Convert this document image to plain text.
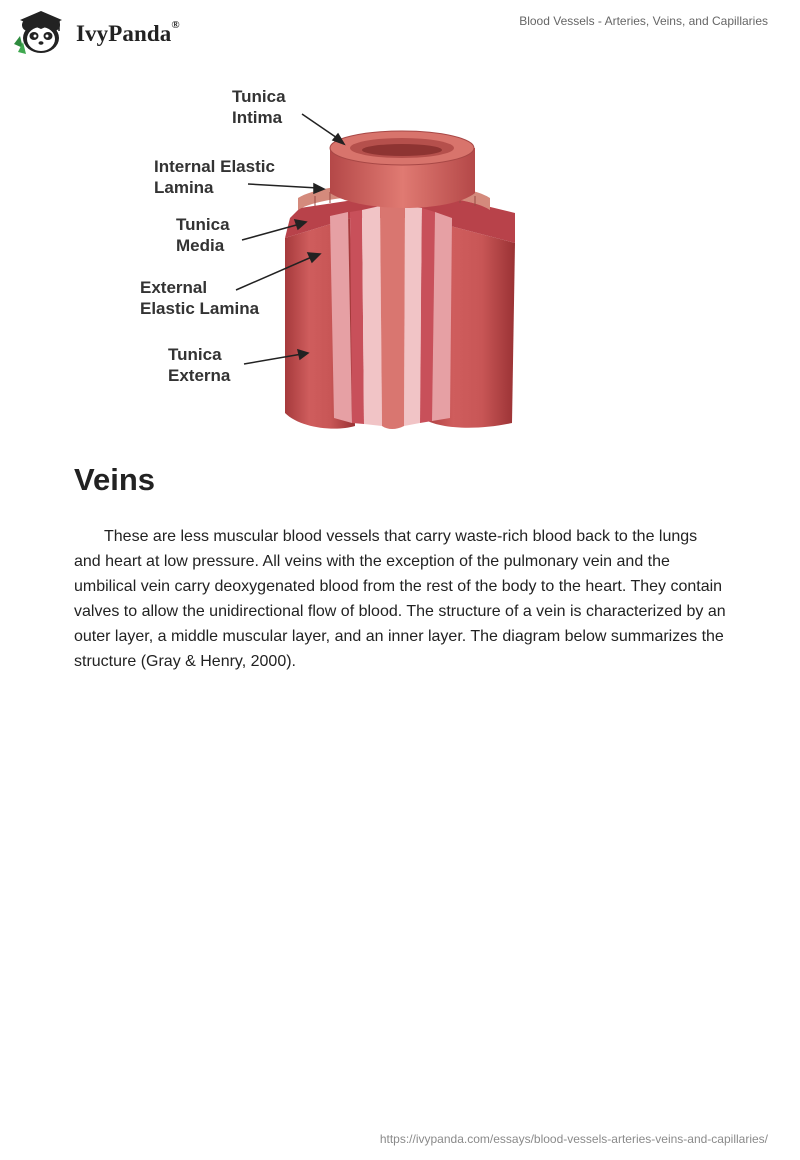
IvyPanda®	Blood Vessels - Arteries, Veins, and Capillaries
Tunica
Intima
Internal Elastic
Lamina
Tunica
Media
External
Elastic Lamina
Tunica
Externa
Veins

These are less muscular blood vessels that carry waste-rich blood back to the lungs and heart at low pressure. All veins with the exception of the pulmonary vein and the umbilical vein carry deoxygenated blood from the rest of the body to the heart. They contain valves to allow the unidirectional flow of blood. The structure of a vein is characterized by an outer layer, a middle muscular layer, and an inner layer. The diagram below summarizes the structure (Gray & Henry, 2000).

https://ivypanda.com/essays/blood-vessels-arteries-veins-and-capillaries/
